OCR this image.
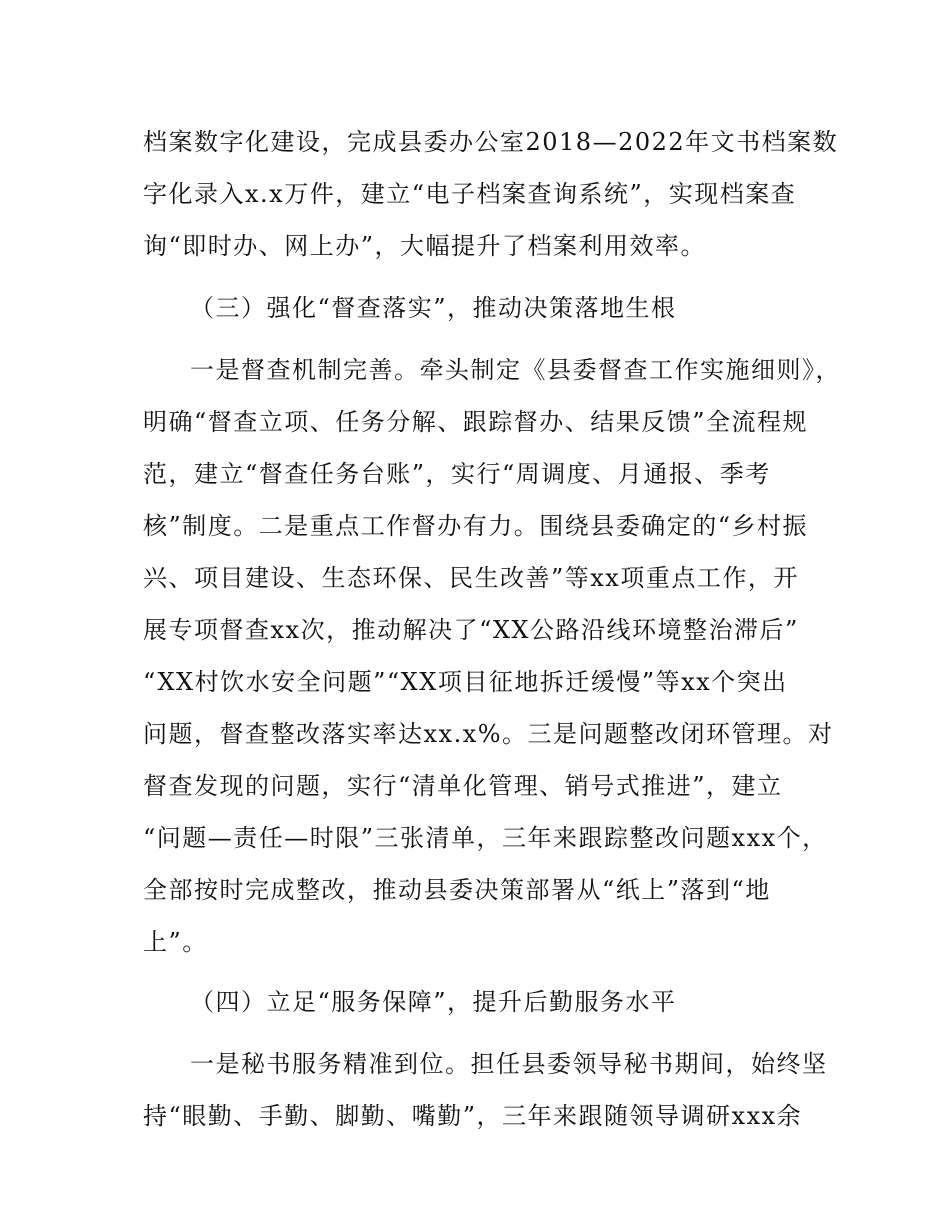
档案数字化建设，完成县委办公室2018—2022年文书档案数
字化录入x.x万件，建立“电子档案查询系统”，实现档案查
询“即时办、网上办”，大幅提升了档案利用效率。
（三）强化“督查落实”，推动决策落地生根
一是督查机制完善。牵头制定《县委督查工作实施细则》，
明确“督查立项、任务分解、跟踪督办、结果反馈”全流程规
范，建立“督查任务台账”，实行“周调度、月通报、季考
核”制度。二是重点工作督办有力。围绕县委确定的“乡村振
兴、项目建设、生态环保、民生改善”等xx项重点工作，开
展专项督查xx次，推动解决了“XX公路沿线环境整治滞后”
“XX村饮水安全问题”“XX项目征地拆迁缓慢”等xx个突出
问题，督查整改落实率达xx.x%。三是问题整改闭环管理。对
督查发现的问题，实行“清单化管理、销号式推进”，建立
“问题—责任—时限”三张清单，三年来跟踪整改问题xxx个，
全部按时完成整改，推动县委决策部署从“纸上”落到“地
上”。
（四）立足“服务保障”，提升后勤服务水平
一是秘书服务精准到位。担任县委领导秘书期间，始终坚
持“眼勤、手勤、脚勤、嘴勤”，三年来跟随领导调研xxx余
